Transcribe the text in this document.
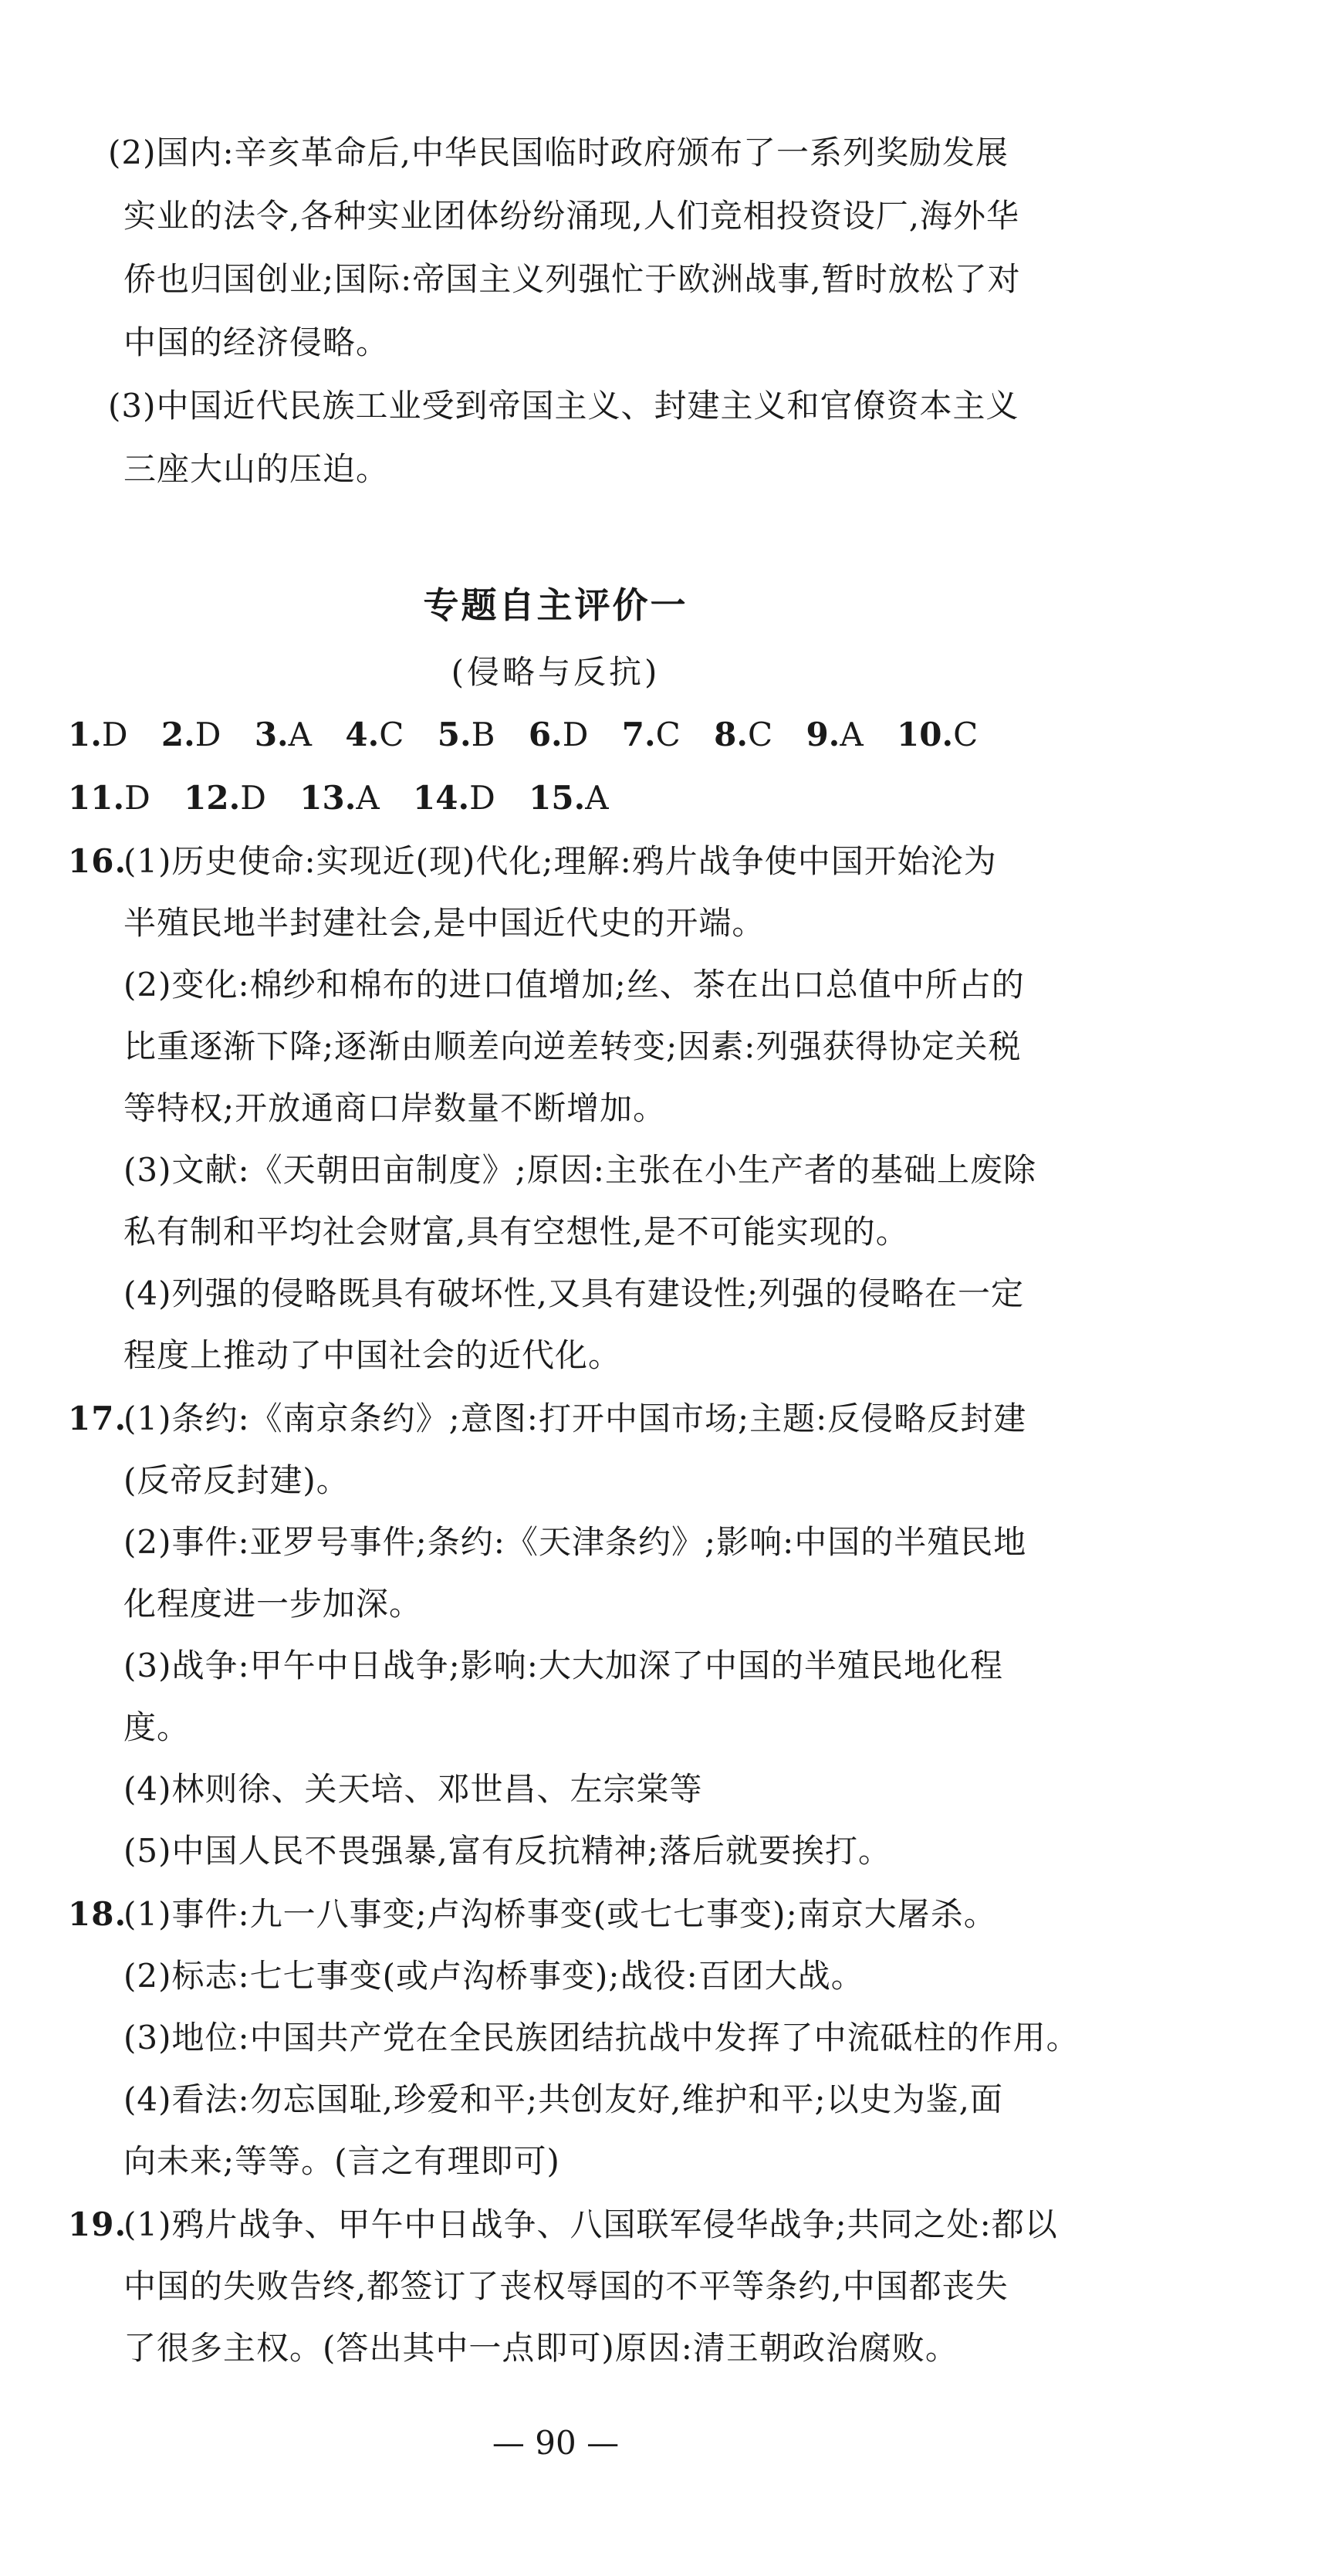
(2)国内:辛亥革命后,中华民国临时政府颁布了一系列奖励发展
实业的法令,各种实业团体纷纷涌现,人们竞相投资设厂,海外华
侨也归国创业;国际:帝国主义列强忙于欧洲战事,暂时放松了对
中国的经济侵略。
(3)中国近代民族工业受到帝国主义、封建主义和官僚资本主义
三座大山的压迫。
专题自主评价一
(侵略与反抗)
1.D 2.D 3.A 4.C 5.B 6.D 7.C 8.C 9.A 10.C
11.D 12.D 13.A 14.D 15.A
16.
(1)历史使命:实现近(现)代化;理解:鸦片战争使中国开始沦为
半殖民地半封建社会,是中国近代史的开端。
(2)变化:棉纱和棉布的进口值增加;丝、茶在出口总值中所占的
比重逐渐下降;逐渐由顺差向逆差转变;因素:列强获得协定关税
等特权;开放通商口岸数量不断增加。
(3)文献:《天朝田亩制度》;原因:主张在小生产者的基础上废除
私有制和平均社会财富,具有空想性,是不可能实现的。
(4)列强的侵略既具有破坏性,又具有建设性;列强的侵略在一定
程度上推动了中国社会的近代化。
17.
(1)条约:《南京条约》;意图:打开中国市场;主题:反侵略反封建
(反帝反封建)。
(2)事件:亚罗号事件;条约:《天津条约》;影响:中国的半殖民地
化程度进一步加深。
(3)战争:甲午中日战争;影响:大大加深了中国的半殖民地化程
度。
(4)林则徐、关天培、邓世昌、左宗棠等
(5)中国人民不畏强暴,富有反抗精神;落后就要挨打。
18.
(1)事件:九一八事变;卢沟桥事变(或七七事变);南京大屠杀。
(2)标志:七七事变(或卢沟桥事变);战役:百团大战。
(3)地位:中国共产党在全民族团结抗战中发挥了中流砥柱的作用。
(4)看法:勿忘国耻,珍爱和平;共创友好,维护和平;以史为鉴,面
向未来;等等。(言之有理即可)
19.
(1)鸦片战争、甲午中日战争、八国联军侵华战争;共同之处:都以
中国的失败告终,都签订了丧权辱国的不平等条约,中国都丧失
了很多主权。(答出其中一点即可)原因:清王朝政治腐败。
— 90 —
